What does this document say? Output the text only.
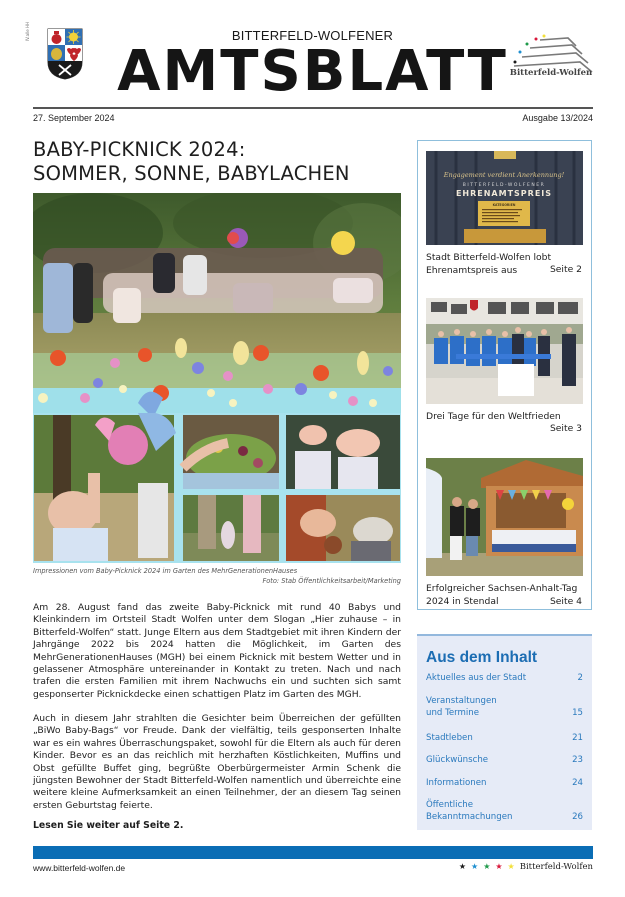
IV.alle HH	BITTERFELD-WOLFENER
AMTSBLATT Bitterfeld-Wolfen
27. September 2024	Ausgabe 13/2024
BABY-PICKNICK 2024:
SOMMER, SONNE, BABYLACHEN
Impressionen vom Baby-Picknick 2024 im Garten des MehrGenerationenHauses
Foto: Stab Öffentlichkeitsarbeit/Marketing

Am 28. August fand das zweite Baby-Picknick mit rund 40 Babys und Kleinkindern im Ortsteil Stadt Wolfen unter dem Slogan „Hier zuhause – in Bitterfeld-Wolfen“ statt. Junge Eltern aus dem Stadtgebiet mit ihren Kindern der Jahrgänge 2022 bis 2024 hatten die Möglichkeit, im Garten des MehrGenerationenHauses (MGH) bei einem Picknick mit bestem Wetter und in gelassener Atmosphäre untereinander in Kontakt zu treten. Nach und nach trafen die ersten Familien mit ihrem Nachwuchs ein und suchten sich samt gesponserter Picknickdecke einen schattigen Platz im Garten des MGH.

Auch in diesem Jahr strahlten die Gesichter beim Überreichen der gefüllten „BiWo Baby-Bags“ vor Freude. Dank der vielfältig, teils gesponserten Inhalte war es ein wahres Überraschungspaket, sowohl für die Eltern als auch für deren Kinder. Bevor es an das reichlich mit herzhaften Köstlichkeiten, Muffins und Obst gefüllte Buffet ging, begrüßte Oberbürgermeister Armin Schenk die jüngsten Bewohner der Stadt Bitterfeld-Wolfen namentlich und überreichte eine weitere kleine Aufmerksamkeit an einen Teilnehmer, der an diesem Tag seinen ersten Geburtstag feierte.

Lesen Sie weiter auf Seite 2.
Engagement verdient Anerkennung!
BITTERFELD-WOLFENER
EHRENAMTSPREIS
KATEGORIEN
Stadt Bitterfeld-Wolfen lobt Ehrenamtspreis aus	Seite 2
Drei Tage für den Weltfrieden
Seite 3
Erfolgreicher Sachsen-Anhalt-Tag 2024 in Stendal	Seite 4
Aus dem Inhalt
Aktuelles aus der Stadt	2
Veranstaltungen und Termine	15
Stadtleben	21
Glückwünsche	23
Informationen	24
Öffentliche Bekanntmachungen	26
www.bitterfeld-wolfen.de	★ ★ ★ ★ ★ Bitterfeld-Wolfen
